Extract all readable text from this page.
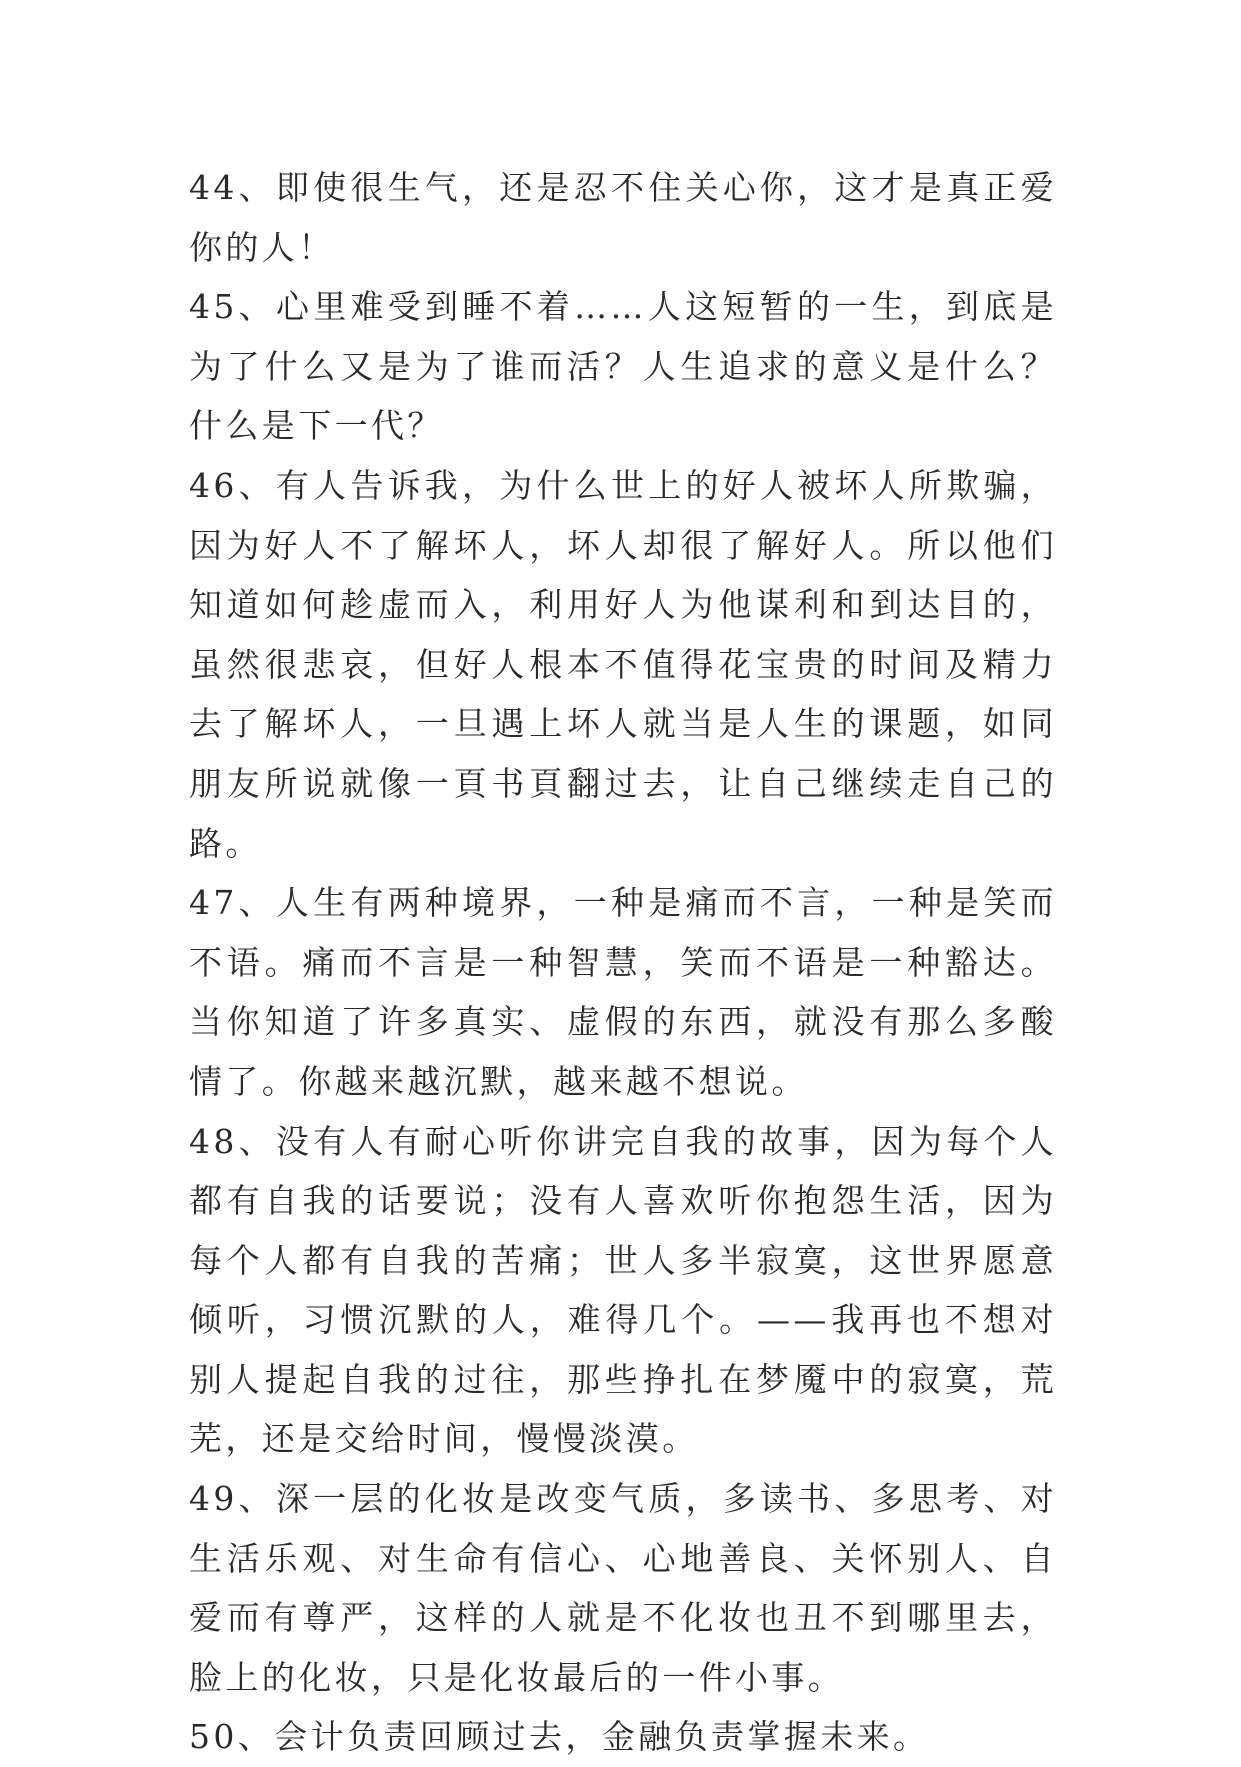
44、即使很生气，还是忍不住关心你，这才是真正爱你的人！

45、心里难受到睡不着……人这短暂的一生，到底是为了什么又是为了谁而活？人生追求的意义是什么？什么是下一代？

46、有人告诉我，为什么世上的好人被坏人所欺骗，因为好人不了解坏人，坏人却很了解好人。所以他们知道如何趁虚而入，利用好人为他谋利和到达目的，虽然很悲哀，但好人根本不值得花宝贵的时间及精力去了解坏人，一旦遇上坏人就当是人生的课题，如同朋友所说就像一頁书頁翻过去，让自己继续走自己的路。

47、人生有两种境界，一种是痛而不言，一种是笑而不语。痛而不言是一种智慧，笑而不语是一种豁达。当你知道了许多真实、虚假的东西，就没有那么多酸情了。你越来越沉默，越来越不想说。

48、没有人有耐心听你讲完自我的故事，因为每个人都有自我的话要说；没有人喜欢听你抱怨生活，因为每个人都有自我的苦痛；世人多半寂寞，这世界愿意倾听，习惯沉默的人，难得几个。——我再也不想对别人提起自我的过往，那些挣扎在梦魇中的寂寞，荒芜，还是交给时间，慢慢淡漠。

49、深一层的化妆是改变气质，多读书、多思考、对生活乐观、对生命有信心、心地善良、关怀别人、自爱而有尊严，这样的人就是不化妆也丑不到哪里去，脸上的化妆，只是化妆最后的一件小事。

50、会计负责回顾过去，金融负责掌握未来。
